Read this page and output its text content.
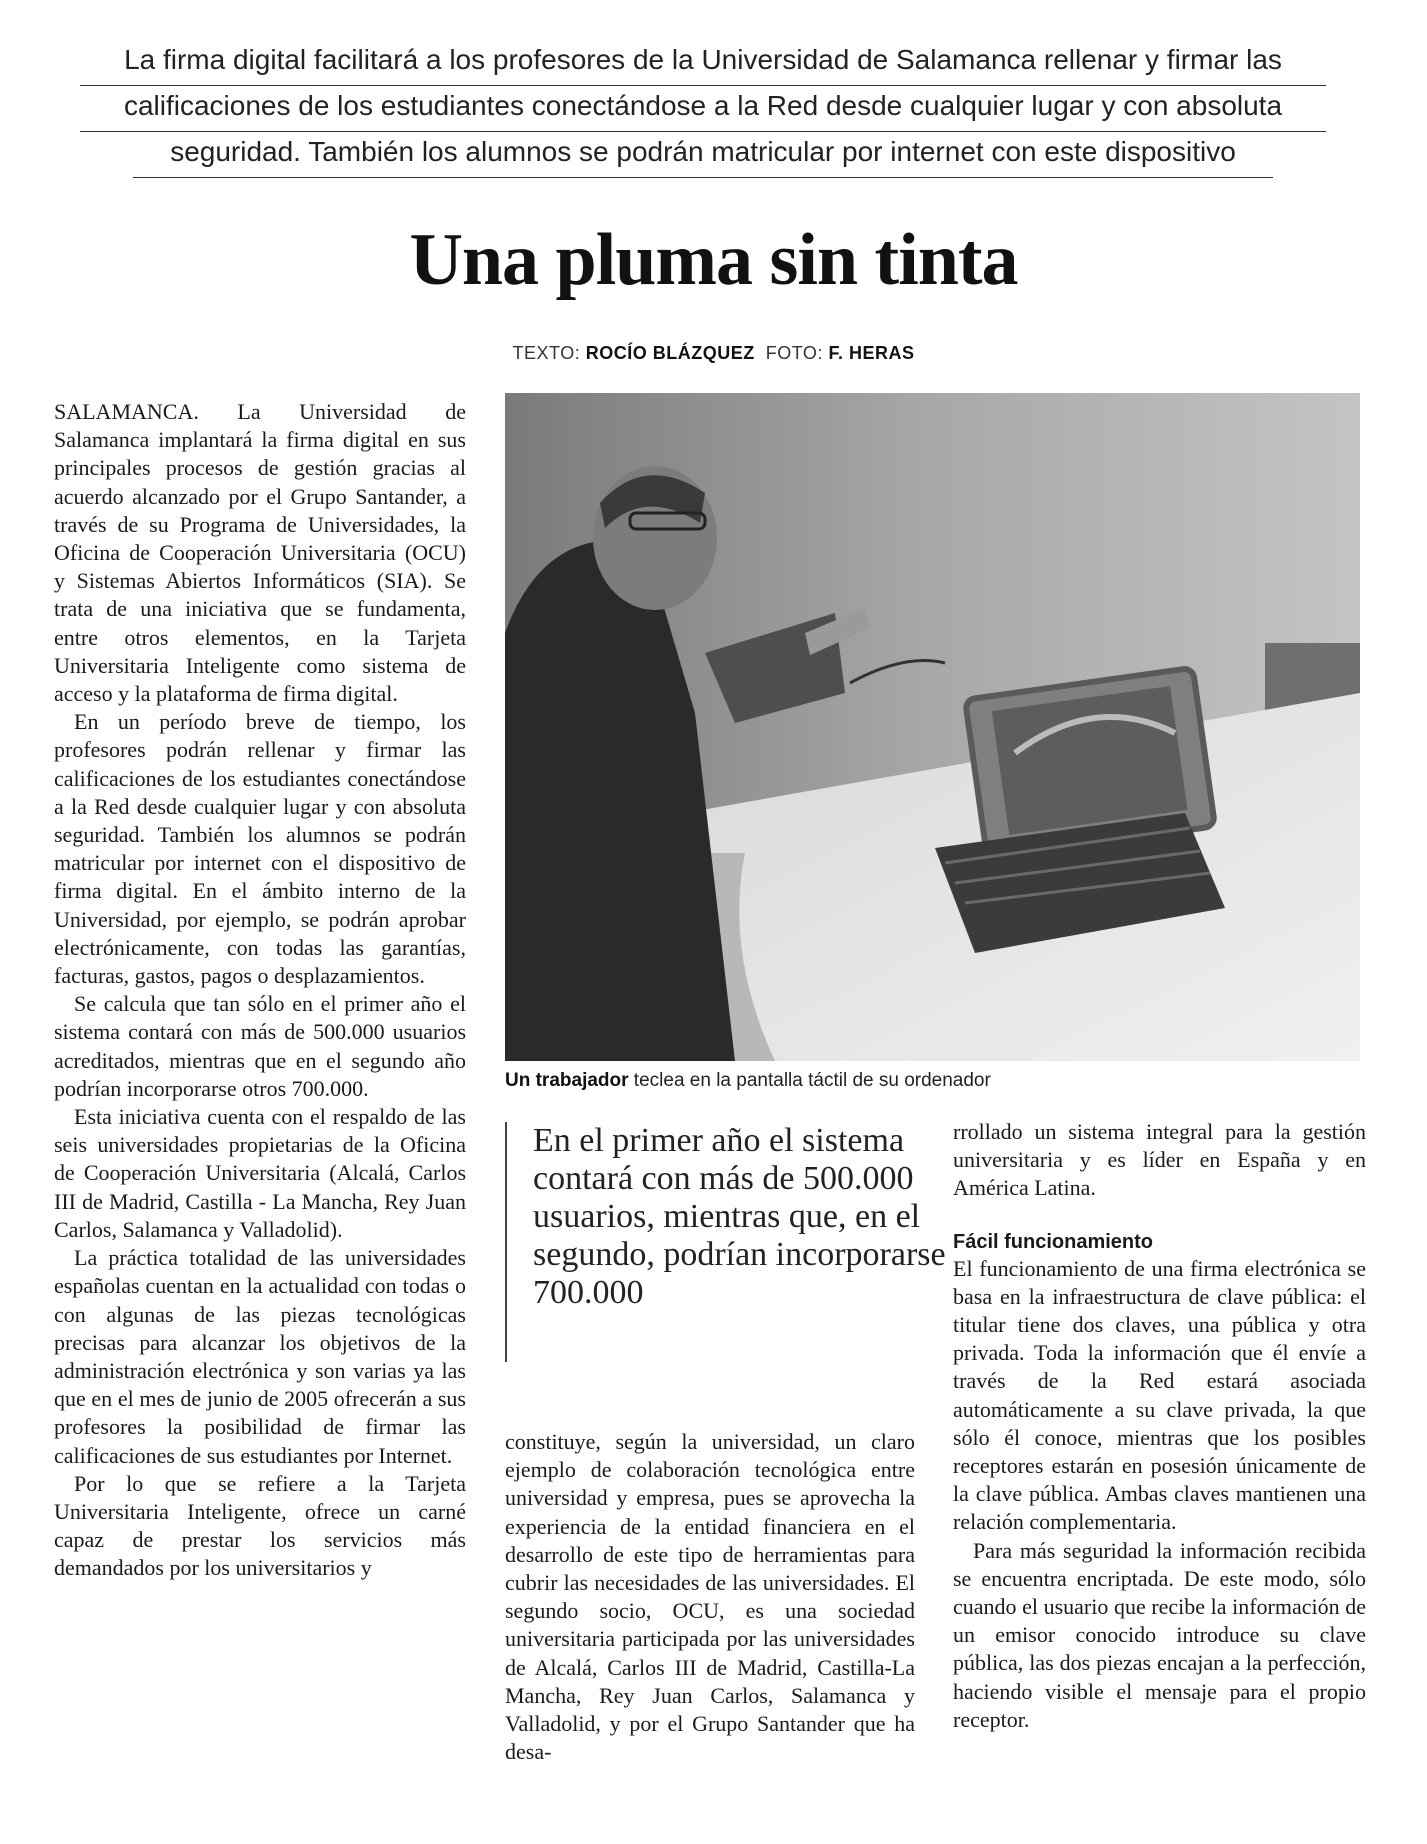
La firma digital facilitará a los profesores de la Universidad de Salamanca rellenar y firmar las
calificaciones de los estudiantes conectándose a la Red desde cualquier lugar y con absoluta
seguridad. También los alumnos se podrán matricular por internet con este dispositivo
Una pluma sin tinta
TEXTO: ROCÍO BLÁZQUEZ FOTO: F. HERAS

SALAMANCA. La Universidad de Salamanca implantará la firma digital en sus principales procesos de gestión gracias al acuerdo alcanzado por el Grupo Santander, a través de su Programa de Universidades, la Oficina de Cooperación Universitaria (OCU) y Sistemas Abiertos Informáticos (SIA). Se trata de una iniciativa que se fundamenta, entre otros elementos, en la Tarjeta Universitaria Inteligente como sistema de acceso y la plataforma de firma digital.

En un período breve de tiempo, los profesores podrán rellenar y firmar las calificaciones de los estudiantes conectándose a la Red desde cualquier lugar y con absoluta seguridad. También los alumnos se podrán matricular por internet con el dispositivo de firma digital. En el ámbito interno de la Universidad, por ejemplo, se podrán aprobar electrónicamente, con todas las garantías, facturas, gastos, pagos o desplazamientos.

Se calcula que tan sólo en el primer año el sistema contará con más de 500.000 usuarios acreditados, mientras que en el segundo año podrían incorporarse otros 700.000.

Esta iniciativa cuenta con el respaldo de las seis universidades propietarias de la Oficina de Cooperación Universitaria (Alcalá, Carlos III de Madrid, Castilla - La Mancha, Rey Juan Carlos, Salamanca y Valladolid).

La práctica totalidad de las universidades españolas cuentan en la actualidad con todas o con algunas de las piezas tecnológicas precisas para alcanzar los objetivos de la administración electrónica y son varias ya las que en el mes de junio de 2005 ofrecerán a sus profesores la posibilidad de firmar las calificaciones de sus estudiantes por Internet.

Por lo que se refiere a la Tarjeta Universitaria Inteligente, ofrece un carné capaz de prestar los servicios más demandados por los universitarios y

Un trabajador teclea en la pantalla táctil de su ordenador
En el primer año el sistema contará con más de 500.000 usuarios, mientras que, en el segundo, podrían incorporarse 700.000

constituye, según la universidad, un claro ejemplo de colaboración tecnológica entre universidad y empresa, pues se aprovecha la experiencia de la entidad financiera en el desarrollo de este tipo de herramientas para cubrir las necesidades de las universidades. El segundo socio, OCU, es una sociedad universitaria participada por las universidades de Alcalá, Carlos III de Madrid, Castilla-La Mancha, Rey Juan Carlos, Salamanca y Valladolid, y por el Grupo Santander que ha desa-

rrollado un sistema integral para la gestión universitaria y es líder en España y en América Latina.

Fácil funcionamiento

El funcionamiento de una firma electrónica se basa en la infraestructura de clave pública: el titular tiene dos claves, una pública y otra privada. Toda la información que él envíe a través de la Red estará asociada automáticamente a su clave privada, la que sólo él conoce, mientras que los posibles receptores estarán en posesión únicamente de la clave pública. Ambas claves mantienen una relación complementaria.

Para más seguridad la información recibida se encuentra encriptada. De este modo, sólo cuando el usuario que recibe la información de un emisor conocido introduce su clave pública, las dos piezas encajan a la perfección, haciendo visible el mensaje para el propio receptor.
